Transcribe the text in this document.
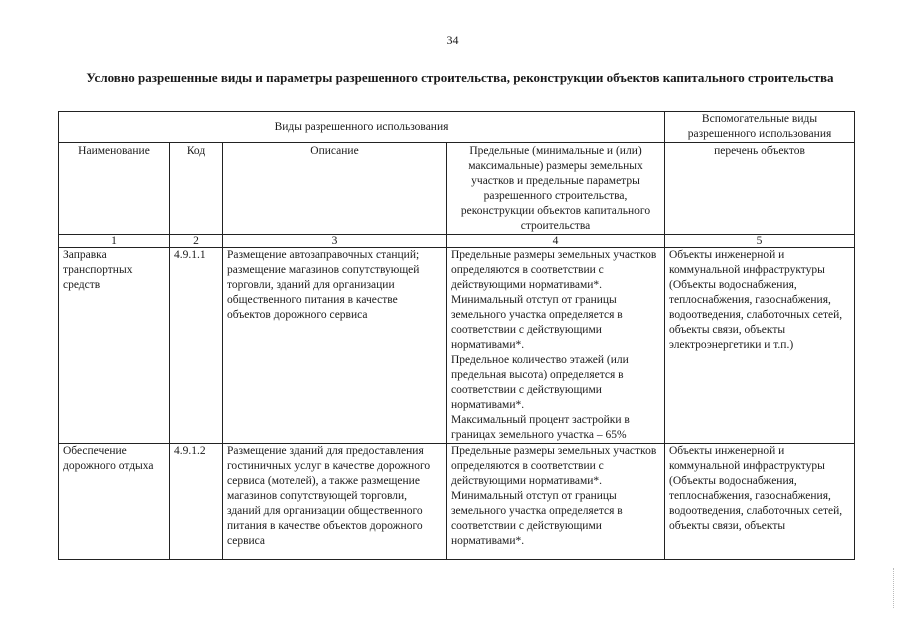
34
Условно разрешенные виды и параметры разрешенного строительства, реконструкции объектов капитального строительства
Виды разрешенного использования				Вспомогательные виды разрешенного использования
Наименование	Код	Описание	Предельные (минимальные и (или) максимальные) размеры земельных участков и предельные параметры разрешенного строительства, реконструкции объектов капитального строительства	перечень объектов
1	2	3	4	5
Заправка транспортных средств	4.9.1.1	Размещение автозаправочных станций; размещение магазинов сопутствующей торговли, зданий для организации общественного питания в качестве объектов дорожного сервиса	Предельные размеры земельных участков определяются в соответствии с действующими нормативами*.
Минимальный отступ от границы земельного участка определяется в соответствии с действующими нормативами*.
Предельное количество этажей (или предельная высота) определяется в соответствии с действующими нормативами*.
Максимальный процент застройки в границах земельного участка – 65%	Объекты инженерной и коммунальной инфраструктуры (Объекты водоснабжения, теплоснабжения, газоснабжения, водоотведения, слаботочных сетей, объекты связи, объекты электроэнергетики и т.п.)
Обеспечение дорожного отдыха	4.9.1.2	Размещение зданий для предоставления гостиничных услуг в качестве дорожного сервиса (мотелей), а также размещение магазинов сопутствующей торговли, зданий для организации общественного питания в качестве объектов дорожного сервиса	Предельные размеры земельных участков определяются в соответствии с действующими нормативами*.
Минимальный отступ от границы земельного участка определяется в соответствии с действующими нормативами*.	Объекты инженерной и коммунальной инфраструктуры (Объекты водоснабжения, теплоснабжения, газоснабжения, водоотведения, слаботочных сетей, объекты связи, объекты
